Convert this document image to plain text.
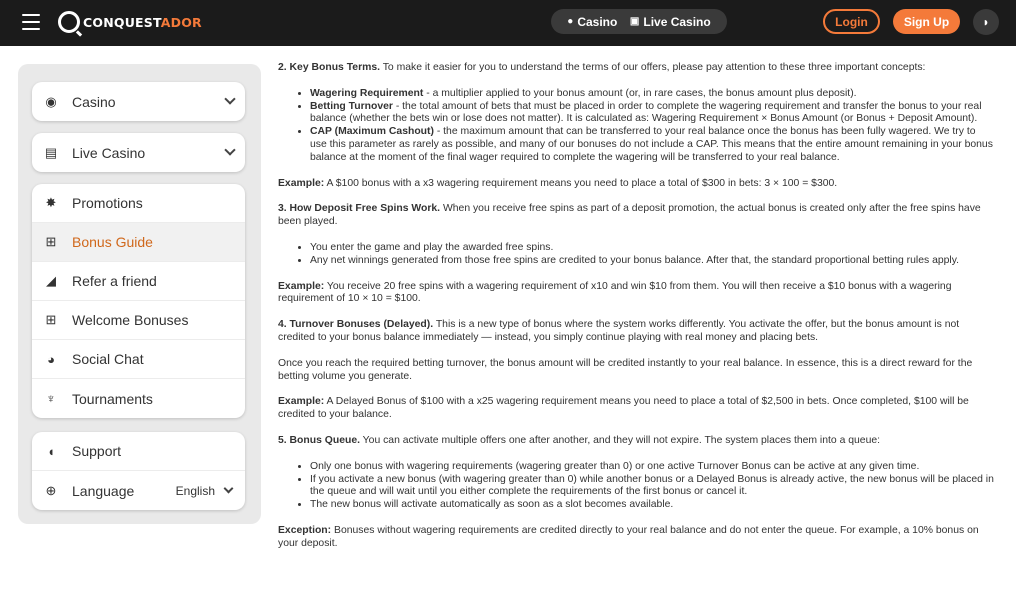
CONQUESTADOR	● Casino ▣ Live Casino	Login	Sign Up	◗
◉ Casino
▤ Live Casino
✸ Promotions
⊞ Bonus Guide
◢ Refer a friend
⊞ Welcome Bonuses
◕	Social Chat
♆ Tournaments
◖	Support
⊕ Language	English

2. Key Bonus Terms. To make it easier for you to understand the terms of our offers, please pay attention to these three important concepts:

• Wagering Requirement - a multiplier applied to your bonus amount (or, in rare cases, the bonus amount plus deposit).
• Betting Turnover - the total amount of bets that must be placed in order to complete the wagering requirement and transfer the bonus to your real balance (whether the bets win or lose does not matter). It is calculated as: Wagering Requirement × Bonus Amount (or Bonus + Deposit Amount).
• CAP (Maximum Cashout) - the maximum amount that can be transferred to your real balance once the bonus has been fully wagered. We try to use this parameter as rarely as possible, and many of our bonuses do not include a CAP. This means that the entire amount remaining in your bonus balance at the moment of the final wager required to complete the wagering will be transferred to your real balance.

Example: A $100 bonus with a x3 wagering requirement means you need to place a total of $300 in bets: 3 × 100 = $300.

3. How Deposit Free Spins Work. When you receive free spins as part of a deposit promotion, the actual bonus is created only after the free spins have been played.

• You enter the game and play the awarded free spins.
• Any net winnings generated from those free spins are credited to your bonus balance. After that, the standard proportional betting rules apply.

Example: You receive 20 free spins with a wagering requirement of x10 and win $10 from them. You will then receive a $10 bonus with a wagering requirement of 10 × 10 = $100.

4. Turnover Bonuses (Delayed). This is a new type of bonus where the system works differently. You activate the offer, but the bonus amount is not credited to your bonus balance immediately — instead, you simply continue playing with real money and placing bets.

Once you reach the required betting turnover, the bonus amount will be credited instantly to your real balance. In essence, this is a direct reward for the betting volume you generate.

Example: A Delayed Bonus of $100 with a x25 wagering requirement means you need to place a total of $2,500 in bets. Once completed, $100 will be credited to your balance.

5. Bonus Queue. You can activate multiple offers one after another, and they will not expire. The system places them into a queue:

• Only one bonus with wagering requirements (wagering greater than 0) or one active Turnover Bonus can be active at any given time.
• If you activate a new bonus (with wagering greater than 0) while another bonus or a Delayed Bonus is already active, the new bonus will be placed in the queue and will wait until you either complete the requirements of the first bonus or cancel it.
• The new bonus will activate automatically as soon as a slot becomes available.

Exception: Bonuses without wagering requirements are credited directly to your real balance and do not enter the queue. For example, a 10% bonus on your deposit.
